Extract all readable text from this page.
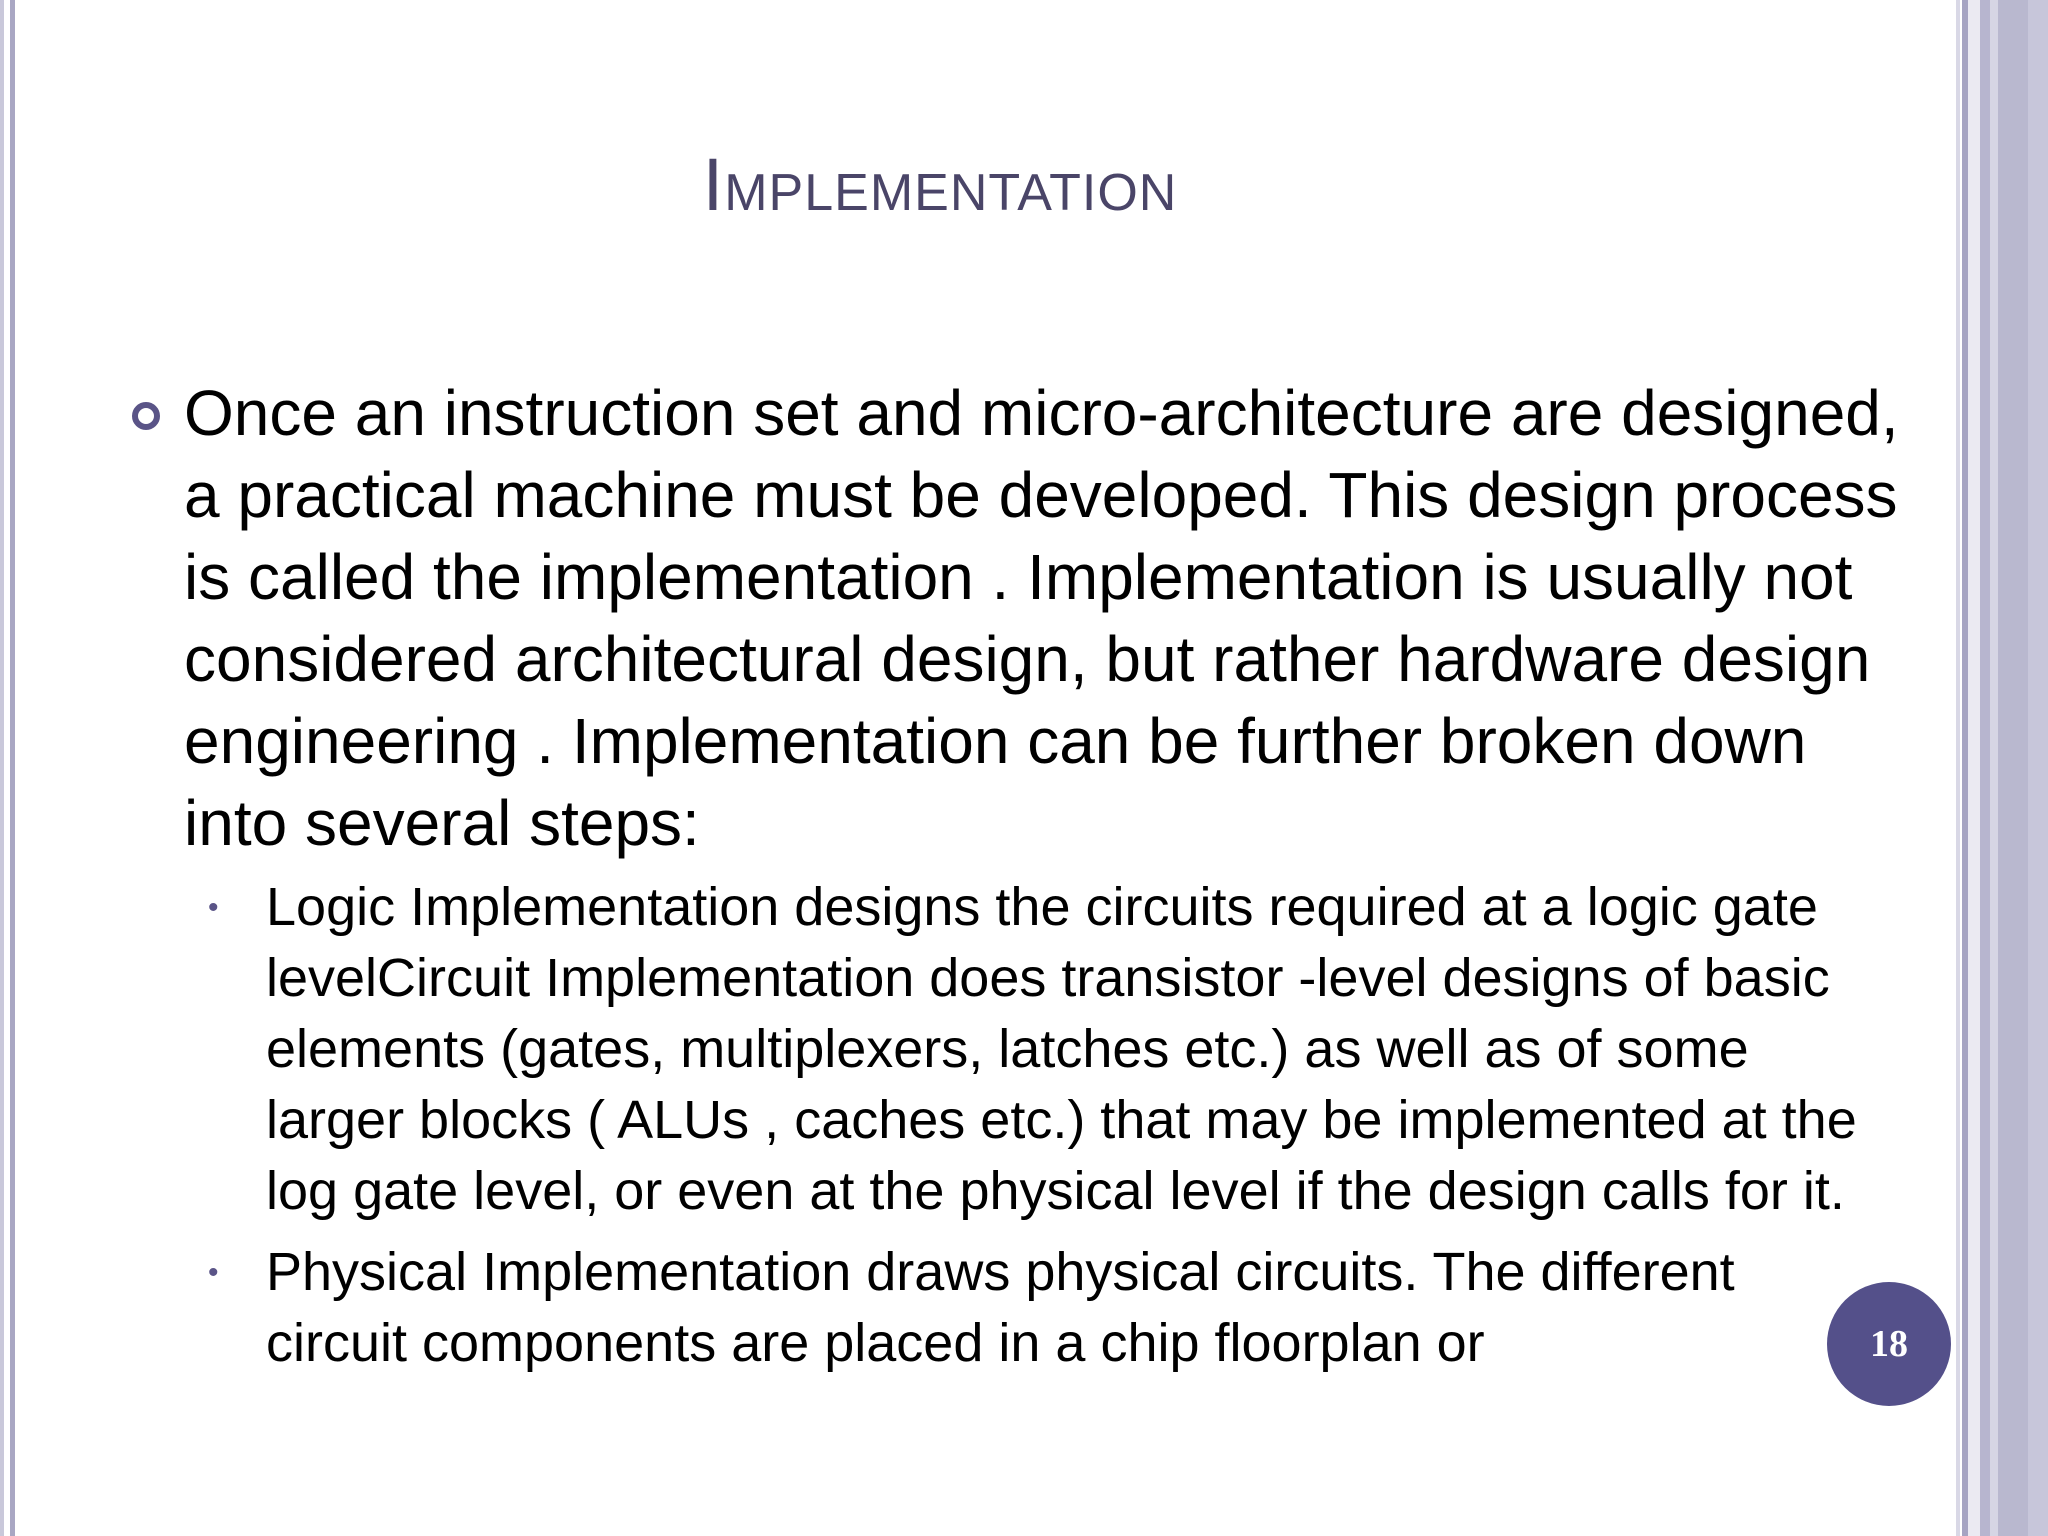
Implementation
Once an instruction set and micro-architecture are designed, a practical machine must be developed. This design process is called the implementation . Implementation is usually not considered architectural design, but rather hardware design engineering . Implementation can be further broken down into several steps:
• Logic Implementation designs the circuits required at a logic gate levelCircuit Implementation does transistor -level designs of basic elements (gates, multiplexers, latches etc.) as well as of some larger blocks ( ALUs , caches etc.) that may be implemented at the log gate level, or even at the physical level if the design calls for it.
• Physical Implementation draws physical circuits. The different circuit components are placed in a chip floorplan or	18
